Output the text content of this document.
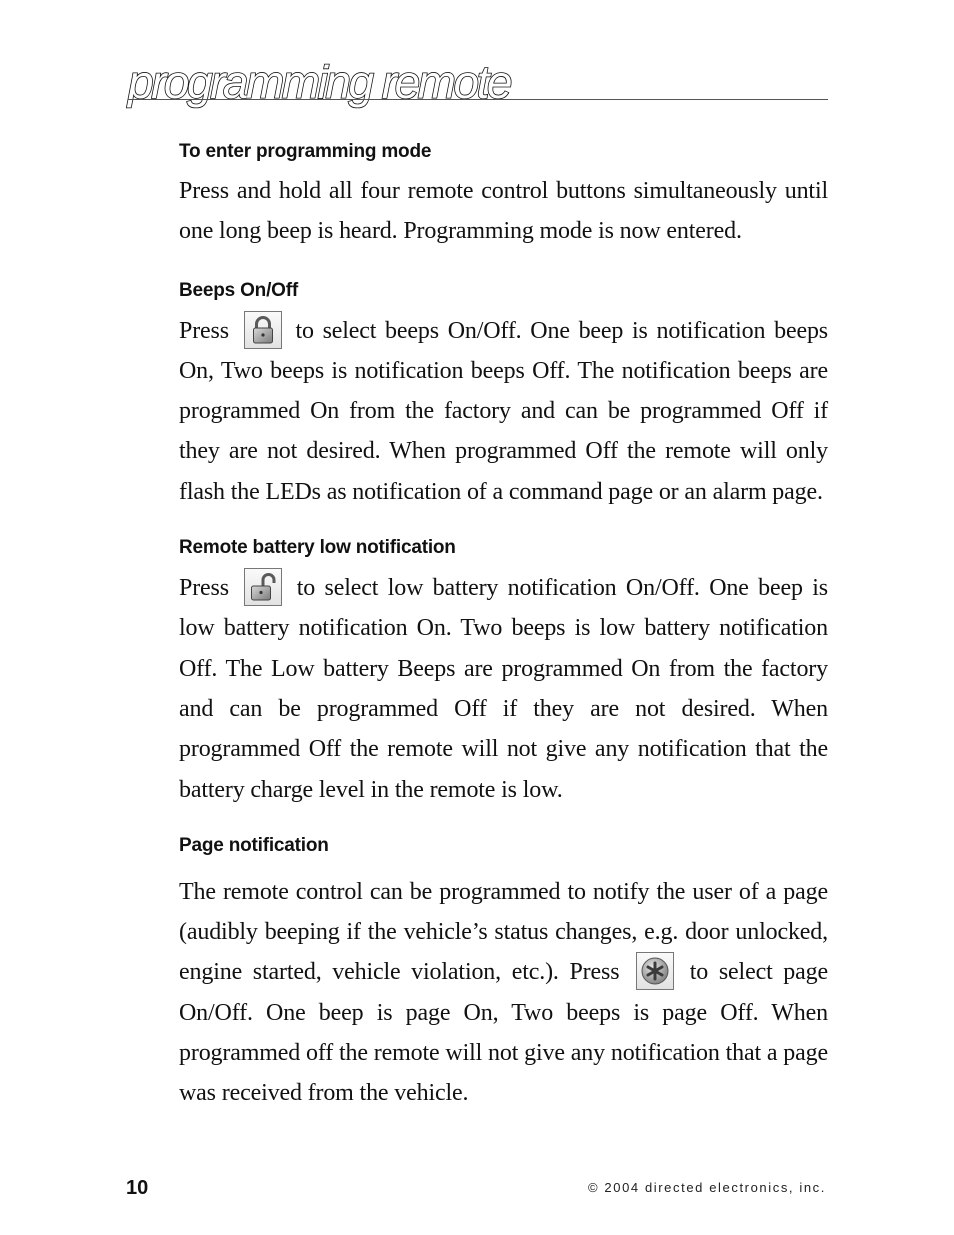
programming remote
To enter programming mode

Press and hold all four remote control buttons simultaneously until one long beep is heard. Programming mode is now entered.

Beeps On/Off

Press
to select beeps On/Off. One beep is notification beeps On, Two beeps is notification beeps Off. The notification beeps are programmed On from the factory and can be programmed Off if they are not desired. When programmed Off the remote will only flash the LEDs as notification of a command page or an alarm page.

Remote battery low notification

Press
to select low battery notification On/Off. One beep is low battery notification On. Two beeps is low battery notification Off. The Low battery Beeps are programmed On from the factory and can be programmed Off if they are not desired. When programmed Off the remote will not give any notification that the battery charge level in the remote is low.

Page notification

The remote control can be programmed to notify the user of a page (audibly beeping if the vehicle’s status changes, e.g. door unlocked, engine started, vehicle violation, etc.). Press
to select page On/Off. One beep is page On, Two beeps is page Off. When programmed off the remote will not give any notification that a page was received from the vehicle.

10	© 2004 directed electronics, inc.
